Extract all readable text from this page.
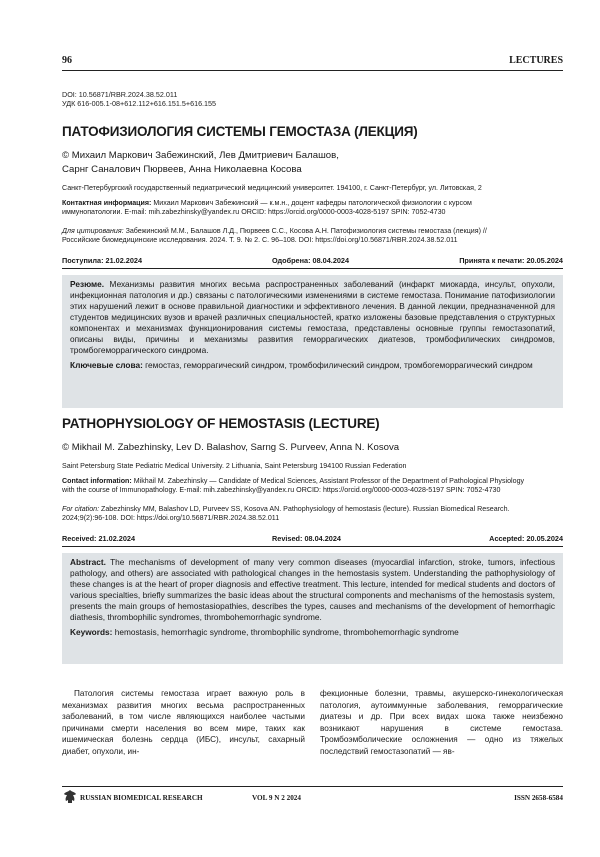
96	LECTURES
DOI: 10.56871/RBR.2024.38.52.011
УДК 616-005.1-08+612.112+616.151.5+616.155
ПАТОФИЗИОЛОГИЯ СИСТЕМЫ ГЕМОСТАЗА (ЛЕКЦИЯ)
© Михаил Маркович Забежинский, Лев Дмитриевич Балашов,
Сарнг Саналович Пюрвеев, Анна Николаевна Косова
Санкт-Петербургский государственный педиатрический медицинский университет. 194100, г. Санкт-Петербург, ул. Литовская, 2
Контактная информация: Михаил Маркович Забежинский — к.м.н., доцент кафедры патологической физиологии с курсом
иммунопатологии. E-mail: mih.zabezhinsky@yandex.ru ORCID: https://orcid.org/0000-0003-4028-5197 SPIN: 7052-4730
Для цитирования: Забежинский М.М., Балашов Л.Д., Пюрвеев С.С., Косова А.Н. Патофизиология системы гемостаза (лекция) //
Российские биомедицинские исследования. 2024. Т. 9. № 2. С. 96–108. DOI: https://doi.org/10.56871/RBR.2024.38.52.011
Поступила: 21.02.2024	Одобрена: 08.04.2024	Принята к печати: 20.05.2024
Резюме. Механизмы развития многих весьма распространенных заболеваний (инфаркт миокарда, инсульт, опухоли, инфекционная патология и др.) связаны с патологическими изменениями в системе гемостаза. Понимание патофизиологии этих нарушений лежит в основе правильной диагностики и эффективного лечения. В данной лекции, предназначенной для студентов медицинских вузов и врачей различных специальностей, кратко изложены базовые представления о структурных компонентах и механизмах функционирования системы гемостаза, представлены основные группы гемостазопатий, описаны виды, причины и механизмы развития геморрагических диатезов, тромбофилических синдромов, тромбогеморрагического синдрома.
Ключевые слова: гемостаз, геморрагический синдром, тромбофилический синдром, тромбогеморрагический синдром
PATHOPHYSIOLOGY OF HEMOSTASIS (LECTURE)
© Mikhail M. Zabezhinsky, Lev D. Balashov, Sarng S. Purveev, Anna N. Kosova
Saint Petersburg State Pediatric Medical University. 2 Lithuania, Saint Petersburg 194100 Russian Federation
Contact information: Mikhail M. Zabezhinsky — Candidate of Medical Sciences, Assistant Professor of the Department of Pathological Physiology
with the course of Immunopathology. E-mail: mih.zabezhinsky@yandex.ru ORCID: https://orcid.org/0000-0003-4028-5197 SPIN: 7052-4730
For citation: Zabezhinsky MM, Balashov LD, Purveev SS, Kosova AN. Pathophysiology of hemostasis (lecture). Russian Biomedical Research.
2024;9(2):96-108. DOI: https://doi.org/10.56871/RBR.2024.38.52.011
Received: 21.02.2024	Revised: 08.04.2024	Accepted: 20.05.2024
Abstract. The mechanisms of development of many very common diseases (myocardial infarction, stroke, tumors, infectious pathology, and others) are associated with pathological changes in the hemostasis system. Understanding the pathophysiology of these changes is at the heart of proper diagnosis and effective treatment. This lecture, intended for medical students and doctors of various specialties, briefly summarizes the basic ideas about the structural components and mechanisms of the hemostasis system, presents the main groups of hemostasiopathies, describes the types, causes and mechanisms of the development of hemorrhagic diathesis, thrombophilic syndromes, thrombohemorrhagic syndrome.
Keywords: hemostasis, hemorrhagic syndrome, thrombophilic syndrome, thrombohemorrhagic syndrome
Патология системы гемостаза играет важную роль в механизмах развития многих весьма распространенных заболеваний, в том числе являющихся наиболее частыми причинами смерти населения во всем мире, таких как ишемическая болезнь сердца (ИБС), инсульт, сахарный диабет, опухоли, ин-
фекционные болезни, травмы, акушерско-гинекологическая патология, аутоиммунные заболевания, геморрагические диатезы и др. При всех видах шока также неизбежно возникают нарушения в системе гемостаза. Тромбоэмболические осложнения — одно из тяжелых последствий гемостазопатий — яв-
RUSSIAN BIOMEDICAL RESEARCH	VOL 9 N 2 2024	ISSN 2658-6584
